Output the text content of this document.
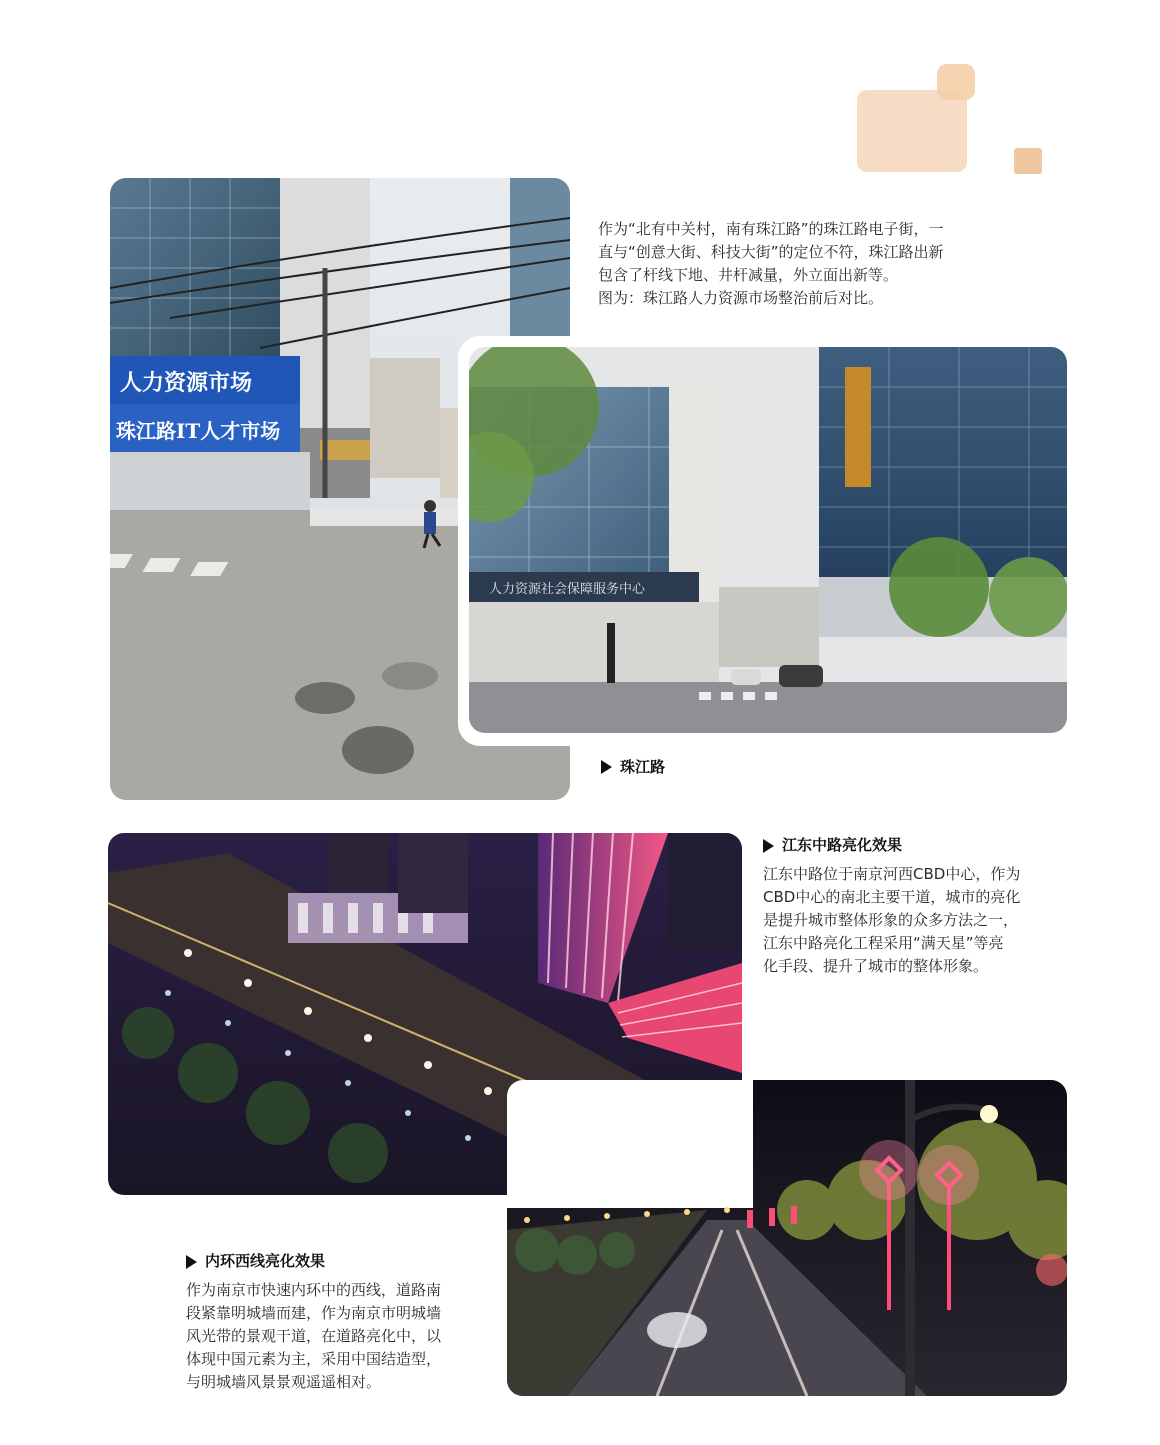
作为“北有中关村，南有珠江路”的珠江路电子街，一

直与“创意大街、科技大街”的定位不符，珠江路出新

包含了杆线下地、井杆减量，外立面出新等。

图为：珠江路人力资源市场整治前后对比。

人力资源市场
珠江路IT人才市场
人力资源社会保障服务中心
珠江路
江东中路亮化效果

江东中路位于南京河西CBD中心，作为

CBD中心的南北主要干道，城市的亮化

是提升城市整体形象的众多方法之一，

江东中路亮化工程采用“满天星”等亮

化手段、提升了城市的整体形象。

内环西线亮化效果

作为南京市快速内环中的西线，道路南

段紧靠明城墙而建，作为南京市明城墙

风光带的景观干道，在道路亮化中，以

体现中国元素为主，采用中国结造型，

与明城墙风景景观遥遥相对。
